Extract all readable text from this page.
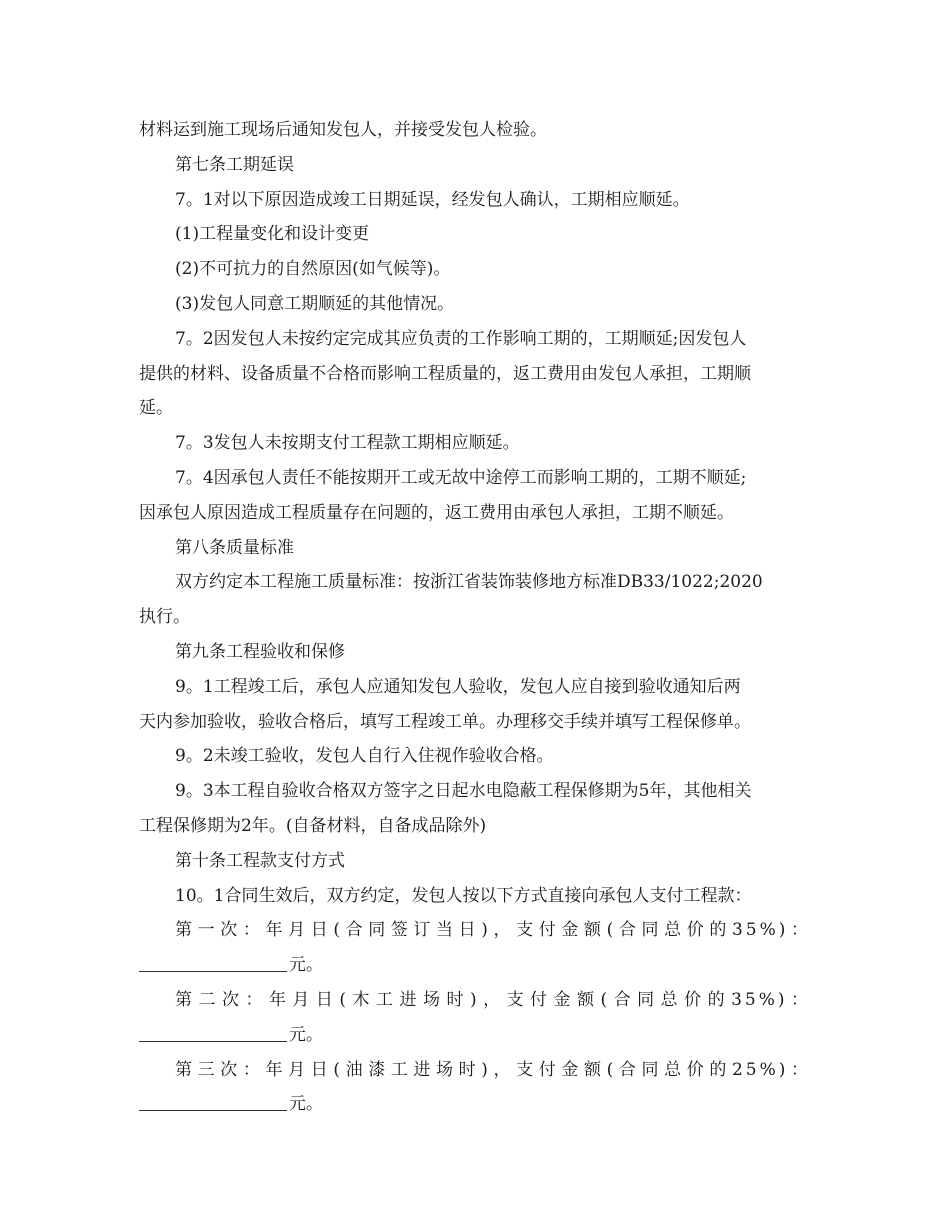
材料运到施工现场后通知发包人，并接受发包人检验。
第七条工期延误
7。1对以下原因造成竣工日期延误，经发包人确认，工期相应顺延。
(1)工程量变化和设计变更
(2)不可抗力的自然原因(如气候等)。
(3)发包人同意工期顺延的其他情况。
7。2因发包人未按约定完成其应负责的工作影响工期的，工期顺延;因发包人
提供的材料、设备质量不合格而影响工程质量的，返工费用由发包人承担，工期顺
延。
7。3发包人未按期支付工程款工期相应顺延。
7。4因承包人责任不能按期开工或无故中途停工而影响工期的，工期不顺延;
因承包人原因造成工程质量存在问题的，返工费用由承包人承担，工期不顺延。
第八条质量标准
双方约定本工程施工质量标准：按浙江省装饰装修地方标准DB33/1022;2020
执行。
第九条工程验收和保修
9。1工程竣工后，承包人应通知发包人验收，发包人应自接到验收通知后两
天内参加验收，验收合格后，填写工程竣工单。办理移交手续并填写工程保修单。
9。2未竣工验收，发包人自行入住视作验收合格。
9。3本工程自验收合格双方签字之日起水电隐蔽工程保修期为5年，其他相关
工程保修期为2年。(自备材料，自备成品除外)
第十条工程款支付方式
10。1合同生效后，双方约定，发包人按以下方式直接向承包人支付工程款：
第一次：年月日(合同签订当日)，支付金额(合同总价的35%)：
元。
第二次：年月日(木工进场时)，支付金额(合同总价的35%)：
元。
第三次：年月日(油漆工进场时)，支付金额(合同总价的25%)：
元。
